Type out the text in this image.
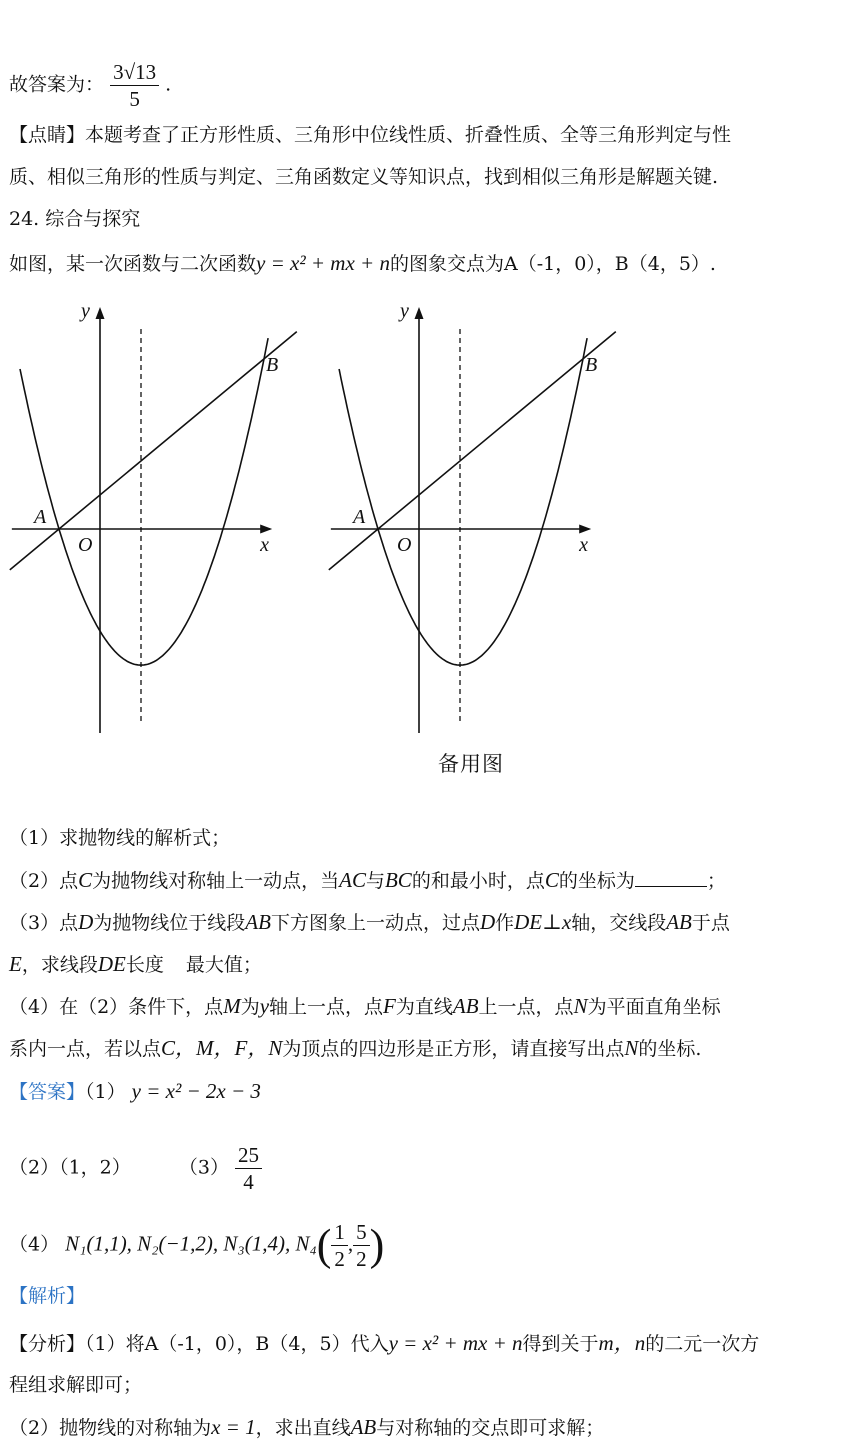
故答案为： $\frac{3√13}{5}$ .
【点睛】本题考查了正方形性质、三角形中位线性质、折叠性质、全等三角形判定与性
质、相似三角形的性质与判定、三角函数定义等知识点，找到相似三角形是解题关键.
24. 综合与探究
如图，某一次函数与二次函数y = x² + mx + n的图象交点为A（-1，0），B（4，5）.
y
x
O
A
B
y
x
O
A
B
备用图
（1）求抛物线的解析式；
（2）点C为抛物线对称轴上一动点，当AC与BC的和最小时，点C的坐标为	；
（3）点D为抛物线位于线段AB下方图象上一动点，过点D作DE⊥x轴，交线段AB于点
E，求线段DE长度 最大值；
（4）在（2）条件下，点M为y轴上一点，点F为直线AB上一点，点N为平面直角坐标
系内一点，若以点C，M，F，N为顶点的四边形是正方形，请直接写出点N的坐标.
【答案】（1） y = x² − 2x − 3
（2）（1，2）	$(3) \frac{25}{4}$
（4） N₁(1,1), N₂(−1,2), N₃(1,4), $N_4( \frac{1}{2}$ , $\frac{5}{2}$ )
【解析】
【分析】（1）将A（-1，0），B（4，5）代入y = x² + mx + n得到关于m，n的二元一次方
程组求解即可；
（2）抛物线的对称轴为x = 1，求出直线AB与对称轴的交点即可求解；
